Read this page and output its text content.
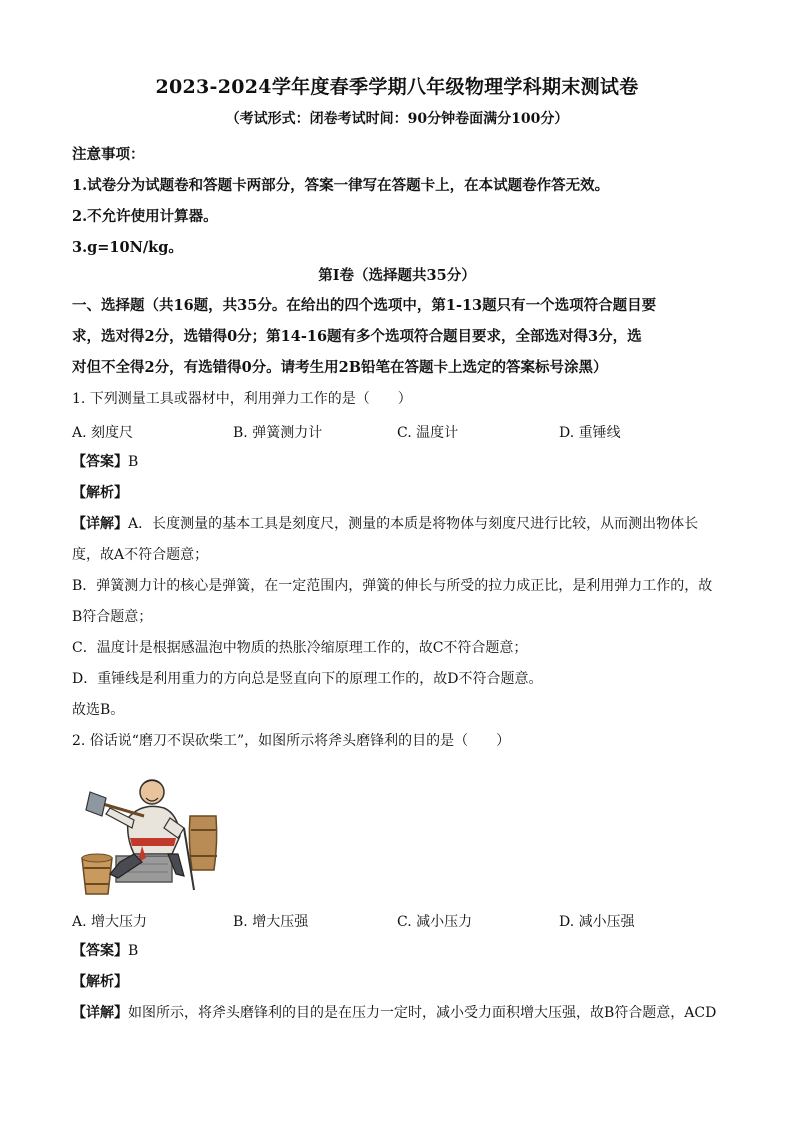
2023-2024学年度春季学期八年级物理学科期末测试卷
（考试形式：闭卷考试时间：90分钟卷面满分100分）
注意事项：
1.试卷分为试题卷和答题卡两部分，答案一律写在答题卡上，在本试题卷作答无效。
2.不允许使用计算器。
3.g=10N/kg。
第Ⅰ卷（选择题共35分）
一、选择题（共16题，共35分。在给出的四个选项中，第1-13题只有一个选项符合题目要
求，选对得2分，选错得0分；第14-16题有多个选项符合题目要求，全部选对得3分，选
对但不全得2分，有选错得0分。请考生用2B铅笔在答题卡上选定的答案标号涂黑）
1. 下列测量工具或器材中，利用弹力工作的是（　　）
A. 刻度尺	B. 弹簧测力计	C. 温度计	D. 重锤线
【答案】B
【解析】
【详解】A．长度测量的基本工具是刻度尺，测量的本质是将物体与刻度尺进行比较，从而测出物体长
度，故A不符合题意；
B．弹簧测力计的核心是弹簧，在一定范围内，弹簧的伸长与所受的拉力成正比，是利用弹力工作的，故
B符合题意；
C．温度计是根据感温泡中物质的热胀冷缩原理工作的，故C不符合题意；
D．重锤线是利用重力的方向总是竖直向下的原理工作的，故D不符合题意。
故选B。
2. 俗话说“磨刀不误砍柴工”，如图所示将斧头磨锋利的目的是（　　）
A. 增大压力	B. 增大压强	C. 减小压力	D. 减小压强
【答案】B
【解析】
【详解】如图所示，将斧头磨锋利的目的是在压力一定时，减小受力面积增大压强，故B符合题意，ACD
